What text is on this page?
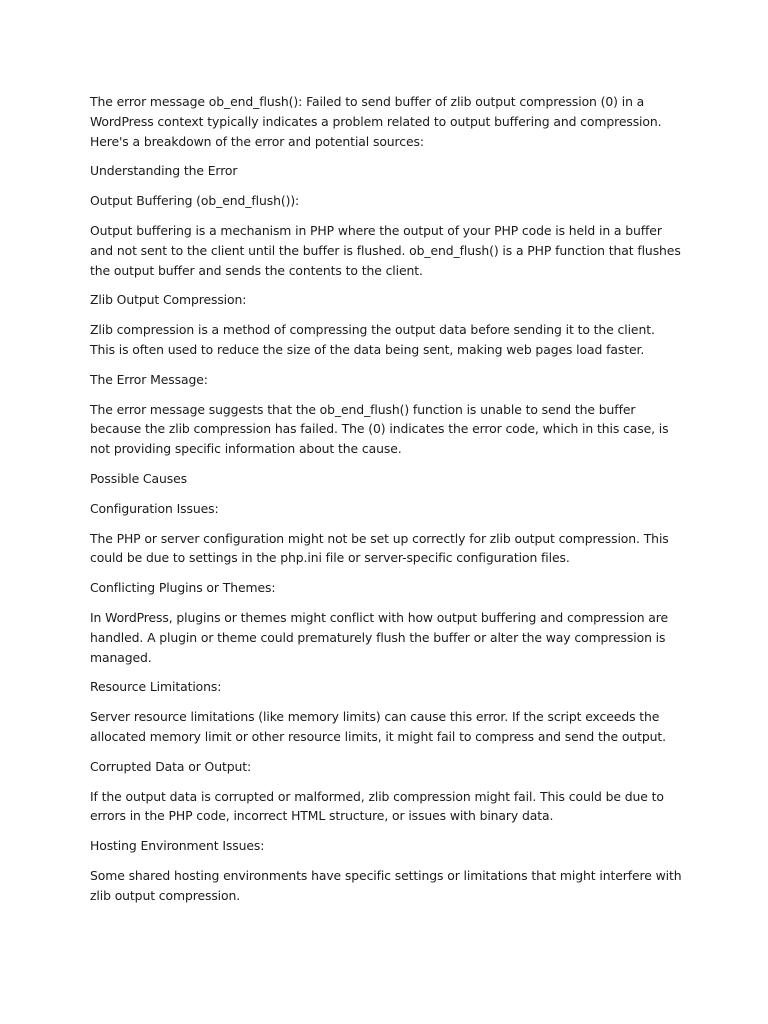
The error message ob_end_flush(): Failed to send buffer of zlib output compression (0) in a WordPress context typically indicates a problem related to output buffering and compression. Here's a breakdown of the error and potential sources:

Understanding the Error

Output Buffering (ob_end_flush()):

Output buffering is a mechanism in PHP where the output of your PHP code is held in a buffer and not sent to the client until the buffer is flushed. ob_end_flush() is a PHP function that flushes the output buffer and sends the contents to the client.

Zlib Output Compression:

Zlib compression is a method of compressing the output data before sending it to the client. This is often used to reduce the size of the data being sent, making web pages load faster.

The Error Message:

The error message suggests that the ob_end_flush() function is unable to send the buffer because the zlib compression has failed. The (0) indicates the error code, which in this case, is not providing specific information about the cause.

Possible Causes

Configuration Issues:

The PHP or server configuration might not be set up correctly for zlib output compression. This could be due to settings in the php.ini file or server-specific configuration files.

Conflicting Plugins or Themes:

In WordPress, plugins or themes might conflict with how output buffering and compression are handled. A plugin or theme could prematurely flush the buffer or alter the way compression is managed.

Resource Limitations:

Server resource limitations (like memory limits) can cause this error. If the script exceeds the allocated memory limit or other resource limits, it might fail to compress and send the output.

Corrupted Data or Output:

If the output data is corrupted or malformed, zlib compression might fail. This could be due to errors in the PHP code, incorrect HTML structure, or issues with binary data.

Hosting Environment Issues:

Some shared hosting environments have specific settings or limitations that might interfere with zlib output compression.
